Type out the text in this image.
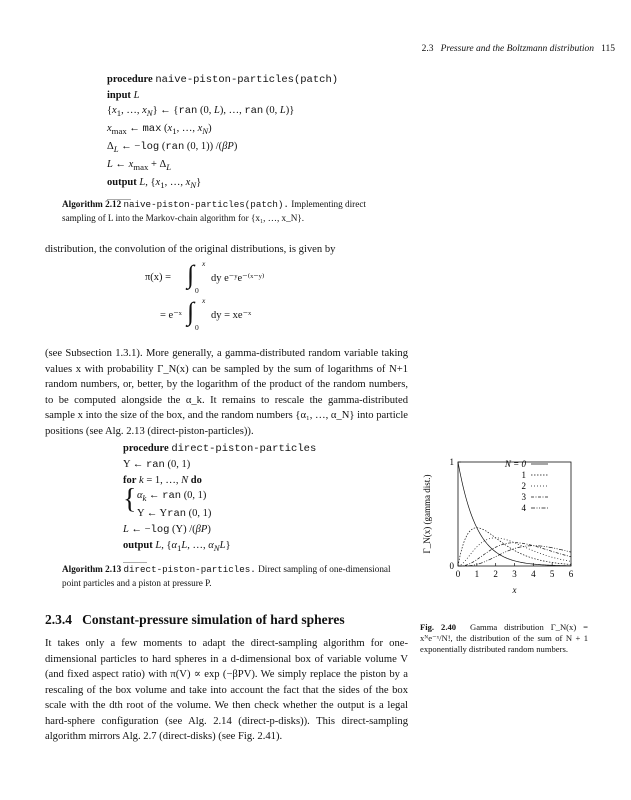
2.3 Pressure and the Boltzmann distribution 115
procedure naive-piston-particles(patch)
input L
{$x_1$, …, $x_N$} ← {ran (0, L), …, ran (0, L)}
$x_{max}$ ← $\max (x_1$, …, $x_N$)
$\Delta_L$ ← −log (ran (0, 1)) /(βP)
L ← $x_{max} + \Delta_L$
output L, {$x_1$, …, $x_N$}
Algorithm 2.12 naive-piston-particles(patch). Implementing direct sampling of L into the Markov-chain algorithm for {x₁, …, x_N}.
distribution, the convolution of the original distributions, is given by
π(x) = ∫ x
0
dy e⁻ʸe⁻⁽ˣ⁻ʸ⁾
= e⁻ˣ ∫ x
0
dy = xe⁻ˣ
(see Subsection 1.3.1). More generally, a gamma-distributed random variable taking values x with probability Γ_N(x) can be sampled by the sum of logarithms of N+1 random numbers, or, better, by the logarithm of the product of the random numbers, to be computed alongside the α_k. It remains to rescale the gamma-distributed sample x into the size of the box, and the random numbers {α₁, …, α_N} into particle positions (see Alg. 2.13 (direct-piston-particles)).
procedure direct-piston-particles
Υ ← ran (0, 1)
for k = 1, …, N do
{ $\alpha_k$ ← ran (0, 1)
Υ ← Υran (0, 1)
L ← −log (Υ) /(βP)
output L, {$\alpha_1L$, …, $\alpha_NL$}
Algorithm 2.13 direct-piston-particles. Direct sampling of one-dimensional point particles and a piston at pressure P.
2.3.4 Constant-pressure simulation of hard spheres
It takes only a few moments to adapt the direct-sampling algorithm for one-dimensional particles to hard spheres in a d-dimensional box of variable volume V (and fixed aspect ratio) with π(V) ∝ exp (−βPV). We simply replace the piston by a rescaling of the box volume and take into account the fact that the sides of the box scale with the dth root of the volume. We then check whether the output is a legal hard-sphere configuration (see Alg. 2.14 (direct-p-disks)). This direct-sampling algorithm mirrors Alg. 2.7 (direct-disks) (see Fig. 2.41).
0 1 2 3 4 5 6
0
1
x
Γ_N(x) (gamma dist.)
N = 0
1
2
3
4
Fig. 2.40 Gamma distribution Γ_N(x) = xᴺe⁻ˣ/N!, the distribution of the sum of N + 1 exponentially distributed random numbers.
